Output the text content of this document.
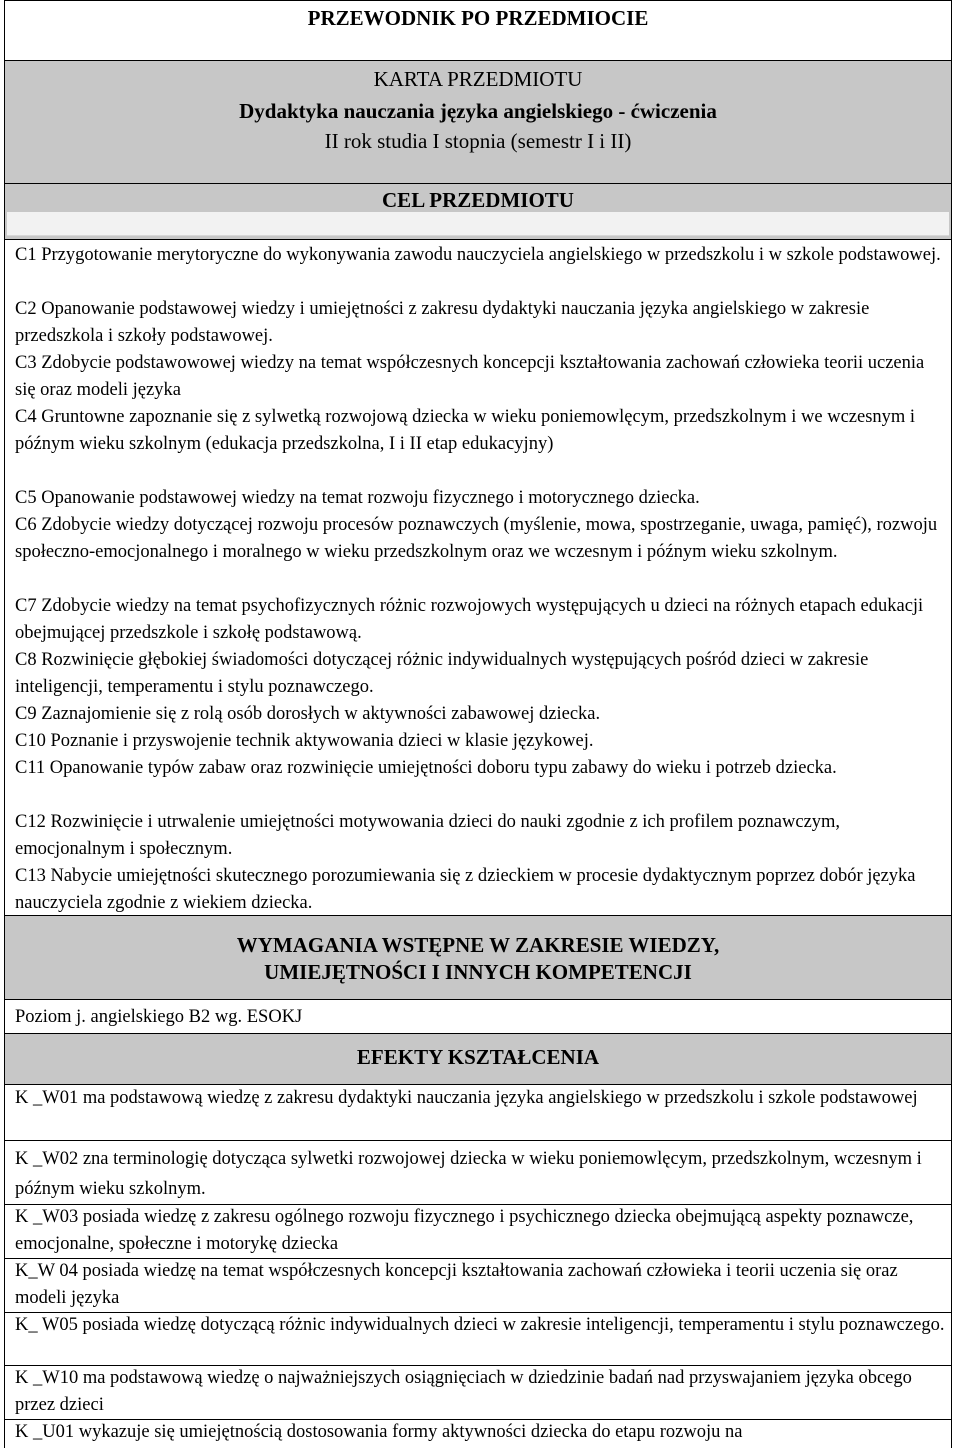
PRZEWODNIK PO PRZEDMIOCIE
KARTA PRZEDMIOTU
Dydaktyka nauczania języka angielskiego - ćwiczenia
II rok studia I stopnia (semestr I i II)
CEL PRZEDMIOTU
C1 Przygotowanie merytoryczne do wykonywania zawodu nauczyciela angielskiego w przedszkolu i w szkole podstawowej.
C2 Opanowanie podstawowej wiedzy i umiejętności z zakresu dydaktyki nauczania języka angielskiego w zakresie przedszkola i szkoły podstawowej.
C3 Zdobycie podstawowowej wiedzy na temat współczesnych koncepcji kształtowania zachowań człowieka teorii uczenia się oraz modeli języka
C4 Gruntowne zapoznanie się z sylwetką rozwojową dziecka w wieku poniemowlęcym, przedszkolnym i we wczesnym i późnym wieku szkolnym (edukacja przedszkolna, I i II etap edukacyjny)
C5 Opanowanie podstawowej wiedzy na temat rozwoju fizycznego i motorycznego dziecka.
C6 Zdobycie wiedzy dotyczącej rozwoju procesów poznawczych (myślenie, mowa, spostrzeganie, uwaga, pamięć), rozwoju społeczno-emocjonalnego i moralnego w wieku przedszkolnym oraz we wczesnym i późnym wieku szkolnym.
C7 Zdobycie wiedzy na temat psychofizycznych różnic rozwojowych występujących u dzieci na różnych etapach edukacji obejmującej przedszkole i szkołę podstawową.
C8 Rozwinięcie głębokiej świadomości dotyczącej różnic indywidualnych występujących pośród dzieci w zakresie inteligencji, temperamentu i stylu poznawczego.
C9 Zaznajomienie się z rolą osób dorosłych w aktywności zabawowej dziecka.
C10 Poznanie i przyswojenie technik aktywowania dzieci w klasie językowej.
C11 Opanowanie typów zabaw oraz rozwinięcie umiejętności doboru typu zabawy do wieku i potrzeb dziecka.
C12 Rozwinięcie i utrwalenie umiejętności motywowania dzieci do nauki zgodnie z ich profilem poznawczym, emocjonalnym i społecznym.
C13 Nabycie umiejętności skutecznego porozumiewania się z dzieckiem w procesie dydaktycznym poprzez dobór języka nauczyciela zgodnie z wiekiem dziecka.
WYMAGANIA WSTĘPNE W ZAKRESIE WIEDZY,
UMIEJĘTNOŚCI I INNYCH KOMPETENCJI
Poziom j. angielskiego B2 wg. ESOKJ
EFEKTY KSZTAŁCENIA
K _W01 ma podstawową wiedzę z zakresu dydaktyki nauczania języka angielskiego w przedszkolu i szkole podstawowej
K _W02 zna terminologię dotycząca sylwetki rozwojowej dziecka w wieku poniemowlęcym, przedszkolnym, wczesnym i późnym wieku szkolnym.
K _W03 posiada wiedzę z zakresu ogólnego rozwoju fizycznego i psychicznego dziecka obejmującą aspekty poznawcze, emocjonalne, społeczne i motorykę dziecka
K_W 04 posiada wiedzę na temat współczesnych koncepcji kształtowania zachowań człowieka i teorii uczenia się oraz modeli języka
K_ W05 posiada wiedzę dotyczącą różnic indywidualnych dzieci w zakresie inteligencji, temperamentu i stylu poznawczego.
K _W10 ma podstawową wiedzę o najważniejszych osiągnięciach w dziedzinie badań nad przyswajaniem języka obcego przez dzieci
K _U01 wykazuje się umiejętnością dostosowania formy aktywności dziecka do etapu rozwoju na
